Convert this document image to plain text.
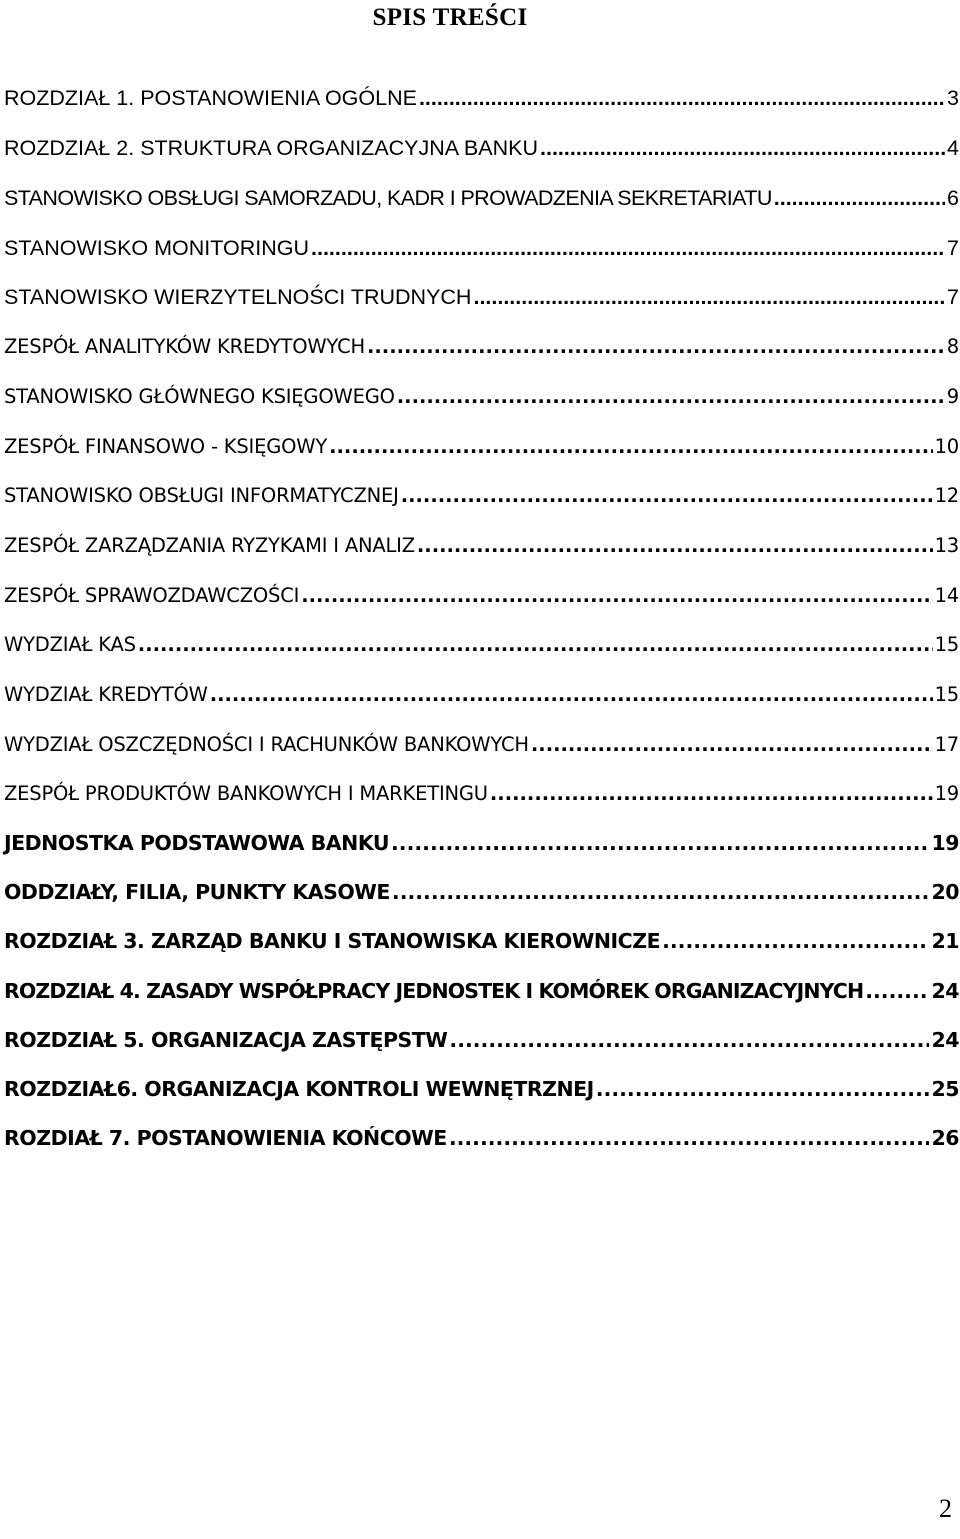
SPIS TREŚCI
ROZDZIAŁ 1. POSTANOWIENIA OGÓLNE .....	3
ROZDZIAŁ 2. STRUKTURA ORGANIZACYJNA BANKU .....	4
STANOWISKO OBSŁUGI SAMORZADU, KADR I PROWADZENIA SEKRETARIATU .....	6
STANOWISKO MONITORINGU .....	7
STANOWISKO WIERZYTELNOŚCI TRUDNYCH .....	7
ZESPÓŁ ANALITYKÓW KREDYTOWYCH .....	8
STANOWISKO GŁÓWNEGO KSIĘGOWEGO .....	9
ZESPÓŁ FINANSOWO - KSIĘGOWY .....	10
STANOWISKO OBSŁUGI INFORMATYCZNEJ .....	12
ZESPÓŁ ZARZĄDZANIA RYZYKAMI I ANALIZ .....	13
ZESPÓŁ SPRAWOZDAWCZOŚCI .....	14
WYDZIAŁ KAS .....	15
WYDZIAŁ KREDYTÓW .....	15
WYDZIAŁ OSZCZĘDNOŚCI I RACHUNKÓW BANKOWYCH .....	17
ZESPÓŁ PRODUKTÓW BANKOWYCH I MARKETINGU .....	19
JEDNOSTKA PODSTAWOWA BANKU .....	19
ODDZIAŁY, FILIA, PUNKTY KASOWE .....	20
ROZDZIAŁ 3. ZARZĄD BANKU I STANOWISKA KIEROWNICZE .....	21
ROZDZIAŁ 4. ZASADY WSPÓŁPRACY JEDNOSTEK I KOMÓREK ORGANIZACYJNYCH .....	24
ROZDZIAŁ 5. ORGANIZACJA ZASTĘPSTW .....	24
ROZDZIAŁ6. ORGANIZACJA KONTROLI WEWNĘTRZNEJ .....	25
ROZDIAŁ 7. POSTANOWIENIA KOŃCOWE .....	26
2
